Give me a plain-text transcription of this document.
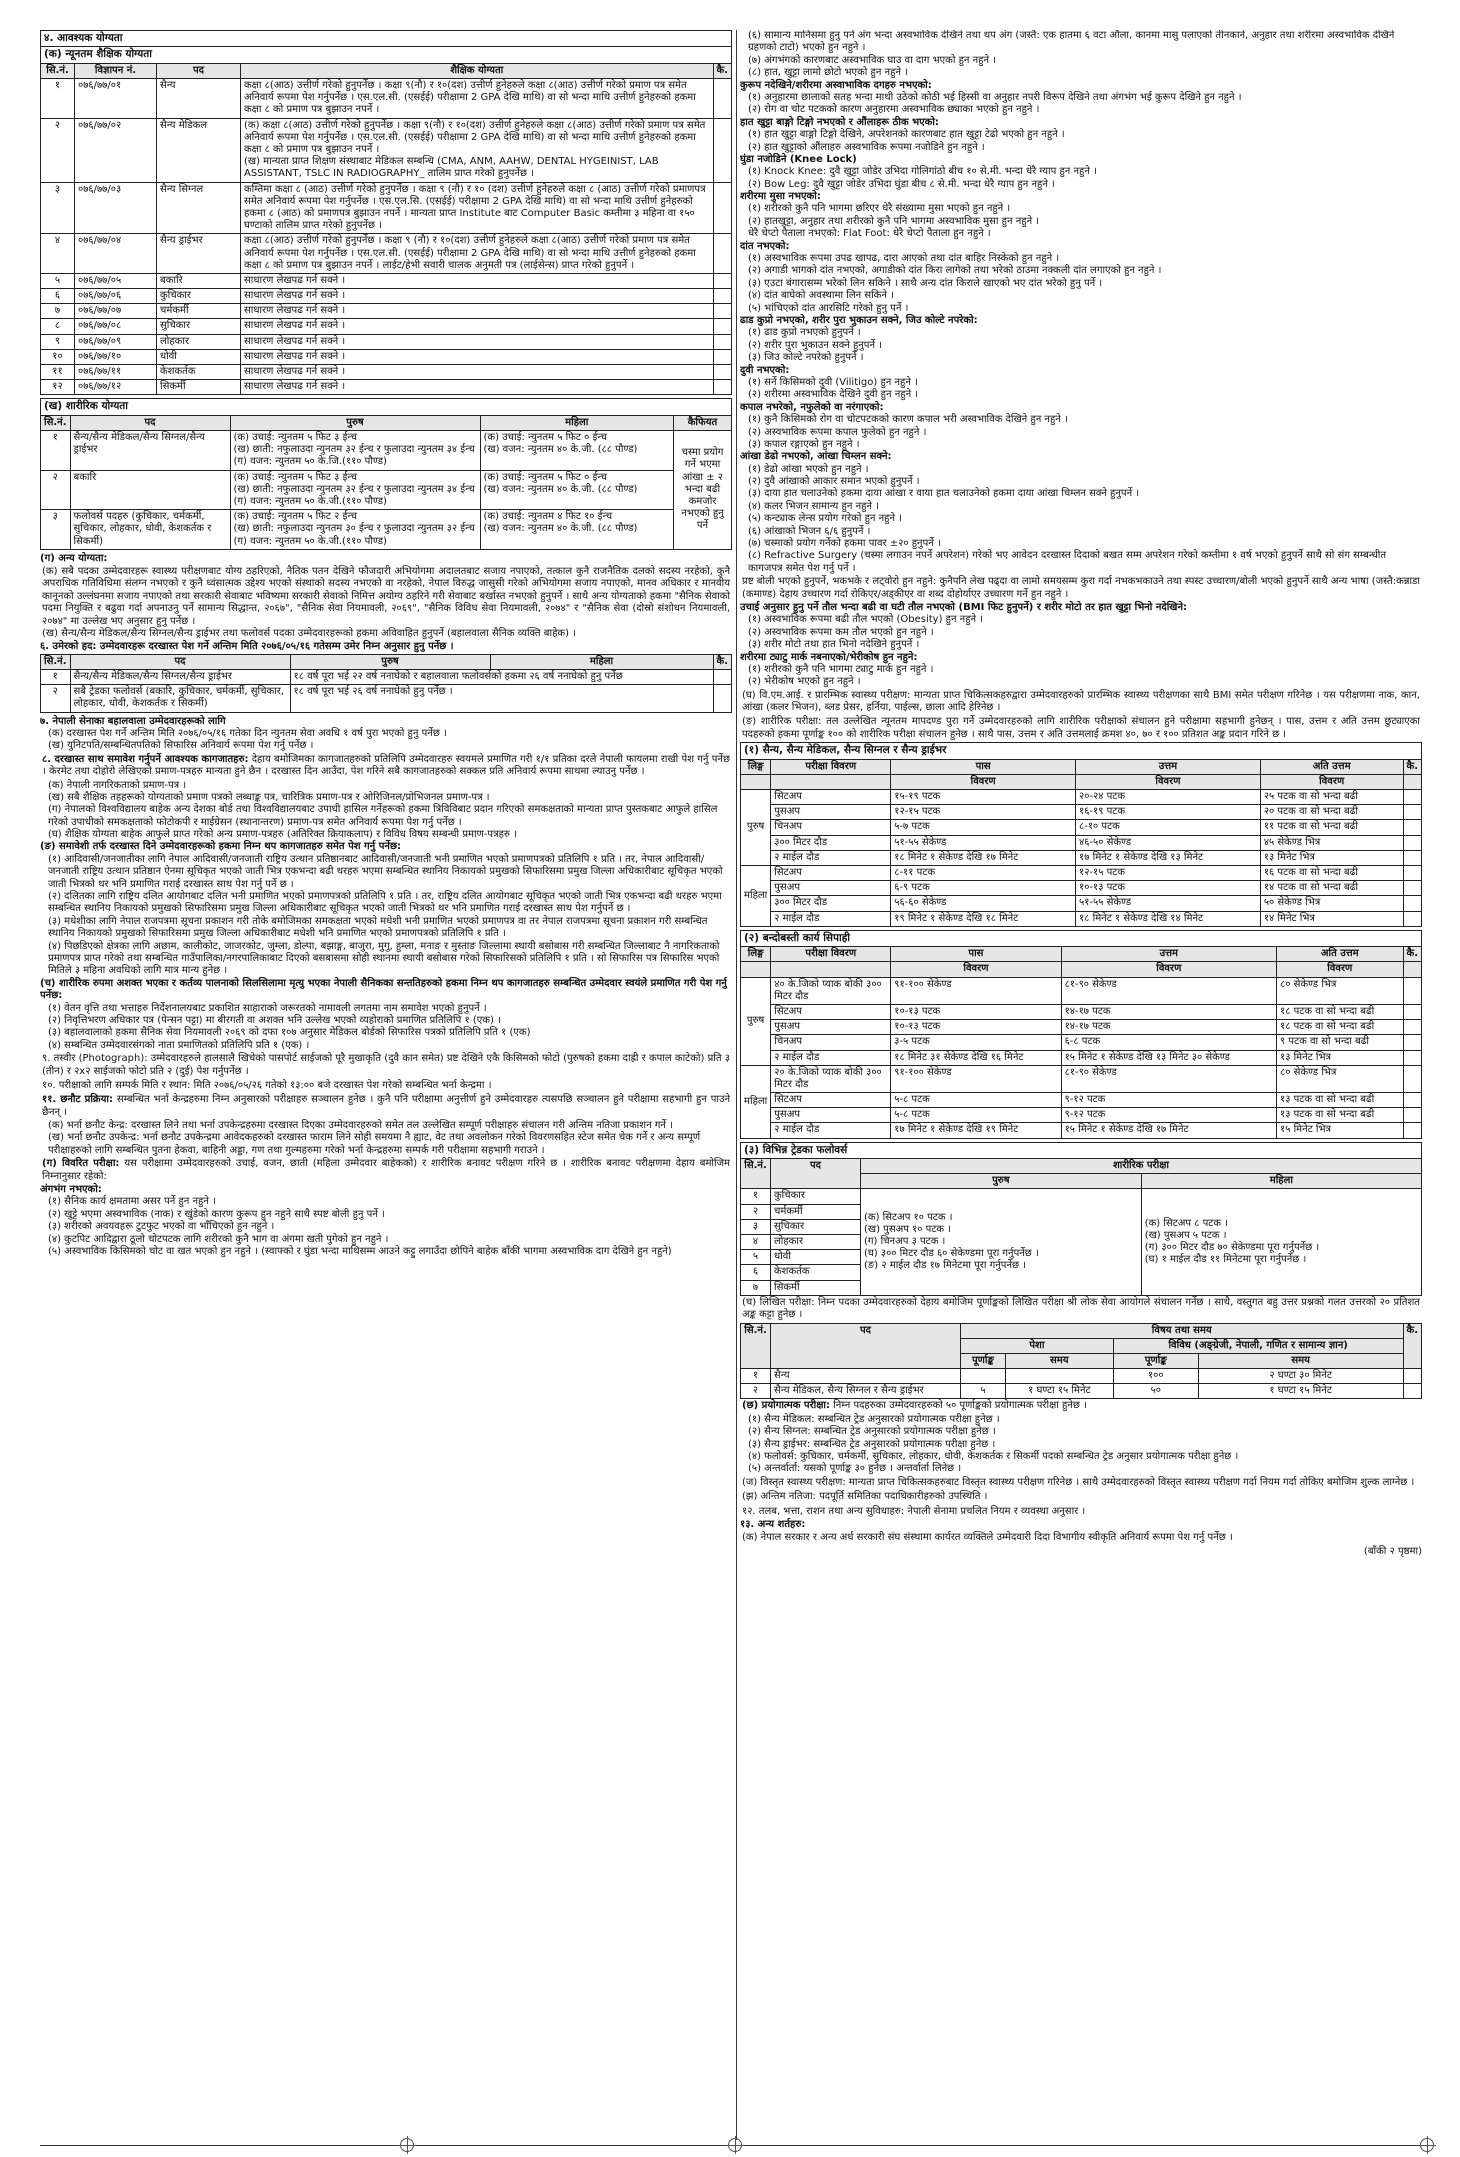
४. आवश्यक योग्यता
(क) न्यूनतम शैक्षिक योग्यता
सि.नं.	विज्ञापन नं.	पद	शैक्षिक योग्यता	कै.
१	०७६/७७/०१	सैन्य	कक्षा ८(आठ) उत्तीर्ण गरेको हुनुपर्नेछ । कक्षा ९(नौ) र १०(दश) उत्तीर्ण हुनेहरुले कक्षा ८(आठ) उत्तीर्ण गरेको प्रमाण पत्र समेत अनिवार्य रूपमा पेश गर्नुपर्नेछ । एस.एल.सी. (एसईई) परीक्षामा 2 GPA देखि माथि) वा सो भन्दा माथि उत्तीर्ण हुनेहरुको हकमा कक्षा ८ को प्रमाण पत्र बुझाउन नपर्ने ।	
२	०७६/७७/०२	सैन्य मेडिकल	(क) कक्षा ८(आठ) उत्तीर्ण गरेको हुनुपर्नेछ । कक्षा ९(नौ) र १०(दश) उत्तीर्ण हुनेहरुले कक्षा ८(आठ) उत्तीर्ण गरेको प्रमाण पत्र समेत अनिवार्य रूपमा पेश गर्नुपर्नेछ । एस.एल.सी. (एसईई) परीक्षामा 2 GPA देखि माथि) वा सो भन्दा माथि उत्तीर्ण हुनेहरुको हकमा कक्षा ८ को प्रमाण पत्र बुझाउन नपर्ने ।
(ख) मान्यता प्राप्त शिक्षण संस्थाबाट मेडिकल सम्बन्धि (CMA, ANM, AAHW, DENTAL HYGEINIST, LAB ASSISTANT, TSLC IN RADIOGRAPHY_ तालिम प्राप्त गरेको हुनुपर्नेछ ।	
३	०७६/७७/०३	सैन्य सिग्नल	कम्तिमा कक्षा ८ (आठ) उत्तीर्ण गरेको हुनुपर्नेछ । कक्षा ९ (नौ) र १० (दश) उत्तीर्ण हुनेहरुले कक्षा ८ (आठ) उत्तीर्ण गरेको प्रमाणपत्र समेत अनिवार्य रूपमा पेश गर्नुपर्नेछ । एस.एल.सि. (एसईई) परीक्षामा 2 GPA देखि माथि) वा सो भन्दा माथि उत्तीर्ण हुनेहरुको हकमा ८ (आठ) को प्रमाणपत्र बुझाउन नपर्ने । मान्यता प्राप्त Institute बाट Computer Basic कम्तीमा ३ महिना वा १५० घण्टाको तालिम प्राप्त गरेको हुनुपर्नेछ ।	
४	०७६/७७/०४	सैन्य ड्राईभर	कक्षा ८(आठ) उत्तीर्ण गरेको हुनुपर्नेछ । कक्षा ९ (नौ) र १०(दश) उत्तीर्ण हुनेहरुले कक्षा ८(आठ) उत्तीर्ण गरेको प्रमाण पत्र समेत अनिवार्य रूपमा पेश गर्नुपर्नेछ । एस.एल.सी. (एसईई) परीक्षामा 2 GPA देखि माथि) वा सो भन्दा माथि उत्तीर्ण हुनेहरुको हकमा कक्षा ८ को प्रमाण पत्र बुझाउन नपर्ने । लाईट/हेभी सवारी चालक अनुमती पत्र (लाईसेन्स) प्राप्त गरेको हुनुपर्ने ।	
५	०७६/७७/०५	बकारि	साधारण लेखपढ गर्न सक्ने ।	
६	०७६/७७/०६	कुचिकार	साधारण लेखपढ गर्न सक्ने ।	
७	०७६/७७/०७	चर्मकर्मी	साधारण लेखपढ गर्न सक्ने ।	
८	०७६/७७/०८	सुचिकार	साधारण लेखपढ गर्न सक्ने ।	
९	०७६/७७/०९	लोहकार	साधारण लेखपढ गर्न सक्ने ।	
१०	०७६/७७/१०	धोवी	साधारण लेखपढ गर्न सक्ने ।	
११	०७६/७७/११	केशकर्तक	साधारण लेखपढ गर्न सक्ने ।	
१२	०७६/७७/१२	सिकर्मी	साधारण लेखपढ गर्न सक्ने ।	
(ख) शारीरिक योग्यता
सि.नं.	पद	पुरुष	महिला	कैफियत
१	सैन्य/सैन्य मेडिकल/सैन्य सिग्नल/सैन्य ड्राईभर	(क) उचाई: न्युनतम ५ फिट ३ ईन्च
(ख) छाती: नफुलाउदा न्युनतम ३२ ईन्च र फुलाउदा न्युनतम ३४ ईन्च
(ग) वजन: न्युनतम ५० के.जि.(११० पौण्ड)	(क) उचाई: न्युनतम ५ फिट ० ईन्च
(ख) वजन: न्युनतम ४० के.जी. (८८ पौण्ड)	चस्मा प्रयोग गर्ने भएमा आंखा ± २ भन्दा बढी कमजोर नभएको हुनु पर्ने
२	बकारि	(क) उचाई: न्युनतम ५ फिट ३ ईन्च
(ख) छाती: नफुलाउदा न्युनतम ३२ ईन्च र फुलाउदा न्युनतम ३४ ईन्च
(ग) वजन: न्युनतम ५० के.जी.(११० पौण्ड)	(क) उचाई: न्युनतम ५ फिट ० ईन्च
(ख) वजन: न्युनतम ४० के.जी. (८८ पौण्ड)	
३	फलोवर्स पदहरु (कुचिकार, चर्मकर्मी, सुचिकार, लोहकार, धोवी, केशकर्तक र सिकर्मी)	(क) उचाई: न्युनतम ५ फिट २ ईन्च
(ख) छाती: नफुलाउदा न्युनतम ३० ईन्च र फुलाउदा न्युनतम ३२ ईन्च
(ग) वजन: न्युनतम ५० के.जी.(११० पौण्ड)	(क) उचाई: न्युनतम ४ फिट १० ईन्च
(ख) वजन: न्युनतम ४० के.जी. (८८ पौण्ड)	
(ग) अन्य योग्यता:
(क) सबै पदका उम्मेदवारहरू स्वास्थ्य परीक्षणबाट योग्य ठहरिएको, नैतिक पतन देखिने फौजदारी अभियोगमा अदालतबाट सजाय नपाएको, तत्काल कुनै राजनैतिक दलको सदस्य नरहेको, कुनै अपराधिक गतिविधिमा संलग्न नभएको र कुनै ध्वंसात्मक उद्देश्य भएको संस्थाको सदस्य नभएको वा नरहेको, नेपाल विरुद्ध जासुसी गरेको अभियोगमा सजाय नपाएको, मानव अधिकार र मानवीय कानूनको उल्लंघनमा सजाय नपाएको तथा सरकारी सेवाबाट भविष्यमा सरकारी सेवाको निमित्त अयोग्य ठहरिने गरी सेवाबाट बर्खास्त नभएको हुनुपर्ने । साथै अन्य योग्यताको हकमा "सैनिक सेवाको पदमा नियुक्ति र बढुवा गर्दा अपनाउनु पर्ने सामान्य सिद्धान्त, २०६७", "सैनिक सेवा नियमावली, २०६९", "सैनिक विविध सेवा नियमावली, २०७४" र "सैनिक सेवा (दोस्रो संशोधन नियमावली, २०७४" मा उल्लेख भए अनुसार हुनु पर्नेछ ।
(ख) सैन्य/सैन्य मेडिकल/सैन्य सिग्नल/सैन्य ड्राईभर तथा फलोवर्स पदका उम्मेदवारहरूको हकमा अविवाहित हुनुपर्ने (बहालवाला सैनिक व्यक्ति बाहेक) ।
६. उमेरको हद: उम्मेदवारहरू दरखास्त पेश गर्ने अन्तिम मिति २०७६/०५/१६ गतेसम्म उमेर निम्न अनुसार हुनु पर्नेछ ।
सि.नं.	पद	पुरुष	महिला	कै.
१	सैन्य/सैन्य मेडिकल/सैन्य सिग्नल/सैन्य ड्राईभर	१८ वर्ष पूरा भई २२ वर्ष ननाघेको र बहालवाला फलोवर्सको हकमा २६ वर्ष ननाघेको हुनु पर्नेछ		
२	सबै ट्रेडका फलोवर्स (बकारि, कुचिकार, चर्मकर्मी, सुचिकार, लोहकार, धोवी, केशकर्तक र सिकर्मी)	१८ वर्ष पूरा भई २६ वर्ष ननाघेको हुनु पर्नेछ ।		
७. नेपाली सेनाका बहालवाला उम्मेदवारहरूको लागि
(क) दरखास्त पेश गर्ने अन्तिम मिति २०७६/०५/१६ गतेका दिन न्युनतम सेवा अवधि १ वर्ष पुरा भएको हुनु पर्नेछ ।
(ख) युनिटपति/सम्बन्धितपतिको सिफारिस अनिवार्य रूपमा पेश गर्नु पर्नेछ ।
८. दरखास्त साथ समावेश गर्नुपर्ने आवश्यक कागजातहरु: देहाय बमोजिमका कागजातहरुको प्रतिलिपि उम्मेदवारहरु स्वयमले प्रमाणित गरी १/१ प्रतिका दरले नेपाली फायलमा राखी पेश गर्नु पर्नेछ । केरमेट तथा दोहोरो लेखिएको प्रमाण-पत्रहरु मान्यता हुने छैन । दरखास्त दिन आउँदा, पेश गरिने सबै कागजातहरुको सक्कल प्रति अनिवार्य रूपमा साथमा ल्याउनु पर्नेछ ।
(क) नेपाली नागरिकताको प्रमाण-पत्र ।
(ख) सबै शैक्षिक तहहरूको योग्यताको प्रमाण पत्रको लब्धाङ्क पत्र, चारित्रिक प्रमाण-पत्र र ओरिजिनल/प्रोभिजनल प्रमाण-पत्र ।
(ग) नेपालको विश्वविद्यालय बाहेक अन्य देशका बोर्ड तथा विश्वविद्यालयबाट उपाधी हासिल गर्नेहरूको हकमा त्रिविविबाट प्रदान गरिएको समकक्षताको मान्यता प्राप्त पुस्तकबाट आफुले हासिल गरेको उपाधीको समकक्षताको फोटोकपी र माईग्रेसन (स्थानान्तरण) प्रमाण-पत्र समेत अनिवार्य रूपमा पेश गर्नु पर्नेछ ।
(घ) शैक्षिक योग्यता बाहेक आफुले प्राप्त गरेको अन्य प्रमाण-पत्रहरु (अतिरिक्त क्रियाकलाप) र विविध विषय सम्बन्धी प्रमाण-पत्रहरु ।
(ङ) समावेशी तर्फ दरखास्त दिने उम्मेदवारहरूको हकमा निम्न थप कागजातहरु समेत पेश गर्नु पर्नेछ:
(१) आदिवासी/जनजातीका लागि नेपाल आदिवासी/जनजाती राष्ट्रिय उत्थान प्रतिष्ठानबाट आदिवासी/जनजाती भनी प्रमाणित भएको प्रमाणपत्रको प्रतिलिपि १ प्रति । तर, नेपाल आदिवासी/जनजाती राष्ट्रिय उत्थान प्रतिष्ठान ऐनमा सूचिकृत भएको जाती भित्र एकभन्दा बढी थरहरु भएमा सम्बन्धित स्थानिय निकायको प्रमुखको सिफारिसमा प्रमुख जिल्ला अधिकारीबाट सूचिकृत भएको जाती भित्रको थर भनि प्रमाणित गराई दरखास्त साथ पेश गर्नु पर्ने छ ।
(२) दलितका लागि राष्ट्रिय दलित आयोगबाट दलित भनी प्रमाणित भएको प्रमाणपत्रको प्रतिलिपि १ प्रति । तर, राष्ट्रिय दलित आयोगबाट सूचिकृत भएको जाती भित्र एकभन्दा बढी थरहरु भएमा सम्बन्धित स्थानिय निकायको प्रमुखको सिफारिसमा प्रमुख जिल्ला अधिकारीबाट सूचिकृत भएको जाती भित्रको थर भनि प्रमाणित गराई दरखास्त साथ पेश गर्नुपर्ने छ ।
(३) मधेशीका लागि नेपाल राजपत्रमा सूचना प्रकाशन गरी तोके बमोजिमका समकक्षता भएको मधेशी भनी प्रमाणित भएको प्रमाणपत्र वा तर नेपाल राजपत्रमा सूचना प्रकाशन गरी सम्बन्धित स्थानिय निकायको प्रमुखको सिफारिसमा प्रमुख जिल्ला अधिकारीबाट मधेशी भनि प्रमाणित भएको प्रमाणपत्रको प्रतिलिपि १ प्रति ।
(४) पिछडिएको क्षेत्रका लागि अछाम, कालीकोट, जाजरकोट, जुम्ला, डोल्पा, बझाङ्ग, बाजुरा, मुगु, हुम्ला, मनाङ र मुस्ताङ जिल्लामा स्थायी बसोबास गरी सम्बन्धित जिल्लाबाट नै नागरिकताको प्रमाणपत्र प्राप्त गरेको तथा सम्बन्धित गाउँपालिका/नगरपालिकाबाट दिएको बसबासमा सोही स्थानमा स्थायी बसोबास गरेको सिफारिसको प्रतिलिपि १ प्रति । सो सिफारिस पत्र सिफारिस भएको मितिले ३ महिना अवधिको लागि मात्र मान्य हुनेछ ।
(च) शारीरिक रुपमा अशक्त भएका र कर्तव्य पालनाको सिलसिलामा मृत्यु भएका नेपाली सैनिकका सन्ततिहरुको हकमा निम्न थप कागजातहरु सम्बन्धित उम्मेदवार स्वयंले प्रमाणित गरी पेश गर्नु पर्नेछ:
(१) वेतन वृत्ति तथा भत्ताहरु निर्देशनालयबाट प्रकाशित साहाराको जरूरतको नामावली लगतमा नाम समावेश भएको हुनुपर्ने ।
(२) निवृत्तिभरण अधिकार पत्र (पेन्सन पट्टा) मा बीरगती वा अशक्त भनि उल्लेख भएको व्यहोराको प्रमाणित प्रतिलिपि १ (एक) ।
(३) बहालवालाको हकमा सैनिक सेवा नियमावली २०६९ को दफा १०७ अनुसार मेडिकल बोर्डको सिफारिस पत्रको प्रतिलिपि प्रति १ (एक)
(४) सम्बन्धित उम्मेदवारसंगको नाता प्रमाणितको प्रतिलिपि प्रति १ (एक) ।
९. तस्वीर (Photograph): उम्मेदवारहरुले हालसालै खिचेको पासपोर्ट साईजको पूरै मुखाकृति (दुवै कान समेत) प्रष्ट देखिने एकै किसिमको फोटो (पुरुषको हकमा दाह्री र कपाल काटेको) प्रति ३ (तीन) र २x२ साईजको फोटो प्रति २ (दुई) पेश गर्नुपर्नेछ ।
१०. परीक्षाको लागि सम्पर्क मिति र स्थान: मिति २०७६/०५/२६ गतेको १३:०० बजे दरखास्त पेश गरेको सम्बन्धित भर्ना केन्द्रमा ।
११. छनौट प्रक्रिया: सम्बन्धित भर्ना केन्द्रहरुमा निम्न अनुसारको परीक्षाहरु सञ्चालन हुनेछ । कुनै पनि परीक्षामा अनुत्तीर्ण हुने उम्मेदवारहरु त्यसपछि सञ्चालन हुने परीक्षामा सहभागी हुन पाउने छैनन् ।
(क) भर्ना छनौट केन्द्र: दरखास्त लिने तथा भर्ना उपकेन्द्रहरुमा दरखास्त दिएका उम्मेदवारहरुको समेत तल उल्लेखित सम्पूर्ण परीक्षाहरु संचालन गरी अन्तिम नतिजा प्रकाशन गर्ने ।
(ख) भर्ना छनौट उपकेन्द्र: भर्ना छनौट उपकेन्द्रमा आवेदकहरुको दरखास्त फाराम लिने सोही समयमा नै ह्याट, वेट तथा अवलोकन गरेको विवरणसहित स्टेज समेत चेक गर्ने र अन्य सम्पूर्ण परीक्षाहरुको लागि सम्बन्धित पुतना हेकवा, बाहिनी अड्डा, गण तथा गुल्महरुमा गरेको भर्ना केन्द्रहरुमा सम्पर्क गरी परीक्षामा सहभागी गराउने ।
(ग) विवरित परीक्षा: यस परीक्षामा उम्मेदवारहरुको उचाई, वजन, छाती (महिला उम्मेदवार बाहेकको) र शारीरिक बनावट परीक्षण गरिने छ । शारीरिक बनावट परीक्षणमा देहाय बमोजिम निम्नानुसार रहेको:
अंगभंग नभएको:
(१) सैनिक कार्य क्षमतामा असर पर्ने हुन नहुने ।
(२) खुट्टे भएमा अस्वभाविक (नाक) र खुंडेको कारण कुरूप हुन नहुने साथै स्पष्ट बोली हुनु पर्ने ।
(३) शरीरको अवयवहरू टुटफुट भएको वा भाँचिएको हुन नहुने ।
(४) कुटपिट आदिद्वारा ठूलो चोटपटक लागि शरीरको कुनै भाग वा अंगमा खती पुगेको हुन नहुने ।
(५) अस्वभाविक किसिमको चोट वा खत भएको हुन नहुने । (स्वाफ्को र घुंडा भन्दा माथिसम्म आउने कट्टु लगाउँदा छोपिने बाहेक बाँकी भागमा अस्वभाविक दाग देखिने हुन नहुने)
(६) सामान्य मानिसमा हुनु पर्ने अंग भन्दा अस्वभाविक देखिने तथा थप अंग (जस्तै: एक हातमा ६ वटा औंला, कानमा मासु पलाएको तीनकाने, अनुहार तथा शरीरमा अस्वभाविक देखिने ग्रहणको टाटो) भएको हुन नहुने ।
(७) अंगभंगको कारणबाट अस्वभाविक घाउ वा दाग भएको हुन नहुने ।
(८) हात, खुट्टा लामो छोटो भएको हुन नहुने ।
कुरूप नदेखिने/शरीरमा अस्वाभाविक दगहरु नभएको:
(१) अनुहारमा छालाको सतह भन्दा माथी उठेको कोठी भई हिस्सी वा अनुहार नपरी विरूप देखिने तथा अंगभंग भई कुरूप देखिने हुन नहुने ।
(२) रोग वा चोट पटकको कारण अनुहारमा अस्वभाविक छ्याका भएको हुन नहुने ।
हात खुट्टा बाङ्गो टिङ्गो नभएको र औंलाहरू ठीक भएको:
(१) हात खुट्टा बाङ्गो टिङ्गो देखिने, अपरेशनको कारणबाट हात खुट्टा टेढो भएको हुन नहुने ।
(२) हात खुट्टाको औंलाहरु अस्वभाविक रूपमा नजोडिने हुन नहुने ।
घुंडा नजोडिने (Knee Lock)
(१) Knock Knee: दुवै खुट्टा जोडेर उभिदा गोलिगांठो बीच १० से.मी. भन्दा धेरै ग्याप हुन नहुने ।
(२) Bow Leg: दुवै खुट्टा जोडेर उभिदा घुंडा बीच ८ से.मी. भन्दा धेरै ग्याप हुन नहुने ।
शरीरमा मुसा नभएको:
(१) शरीरको कुनै पनि भागमा छरिएर धेरै संख्यामा मुसा भएको हुन नहुने ।
(२) हातखुट्टा, अनुहार तथा शरीरको कुनै पनि भागमा अस्वभाविक मुसा हुन नहुने ।
धेरै चेप्टो पैताला नभएको: Flat Foot: धेरै चेप्टो पैताला हुन नहुने ।
दांत नभएको:
(१) अस्वभाविक रूपमा उपढ खापढ, दारा आएको तथा दांत बाहिर निस्केको हुन नहुने ।
(२) अगाडी भागको दांत नभएको, अगाडीको दांत किरा लागेको तथा भरेको ठाउमा नक्कली दांत लगाएको हुन नहुने ।
(३) एउटा बंगारासम्म भरेको लिन सकिने । साथै अन्य दांत किराले खाएको भए दांत भरेको हुनु पर्ने ।
(४) दांत बाघेको अवस्थामा लिन सकिने ।
(५) भांचिएको दांत आरसिटि गरेको हुनु पर्ने ।
ढाड कुप्रो नभएको, शरीर पुरा भुकाउन सक्ने, जिउ कोल्टे नपरेको:
(१) ढाड कुप्रो नभएको हुनुपर्ने ।
(२) शरीर पुरा भुकाउन सक्ने हुनुपर्ने ।
(३) जिउ कोल्टे नपरेको हुनुपर्ने ।
दुवी नभएको:
(१) सर्ने किसिमको दुवी (Vilitigo) हुन नहुने ।
(२) शरीरमा अस्वभाविक देखिने दुवी हुन नहुने ।
कपाल नभरेको, नफुलेको वा नरंगाएको:
(१) कुनै किसिमको रोग वा चोटपटकको कारण कपाल भरी अस्वभाविक देखिने हुन नहुने ।
(२) अस्वभाविक रूपमा कपाल फुलेको हुन नहुने ।
(३) कपाल रङ्गाएको हुन नहुने ।
आंखा डेढो नभएको, आंखा चिम्लन सक्ने:
(१) डेढो आंखा भएको हुन नहुने ।
(२) दुवै आंखाको आकार समान भएको हुनुपर्ने ।
(३) दाया हात चलाउनेको हकमा दाया आंखा र वाया हात चलाउनेको हकमा दाया आंखा चिम्लन सक्ने हुनुपर्ने ।
(४) कलर भिजन सामान्य हुन नहुने ।
(५) कन्ट्याक लेन्स प्रयोग गरेको हुन नहुने ।
(६) आंखाको भिजन ६/६ हुनुपर्ने ।
(७) चस्माको प्रयोग गर्नेको हकमा पावर ±२० हुनुपर्ने ।
(८) Refractive Surgery (चस्मा लगाउन नपर्ने अपरेशन) गरेको भए आवेदन दरखास्त दिदाको बखत सम्म अपरेशन गरेको कम्तीमा १ वर्ष भएको हुनुपर्ने साथै सो संग सम्बन्धीत कागजपत्र समेत पेश गर्नु पर्ने ।
प्रष्ट बोली भएको हुनुपर्ने, भकभके र लट्वोरो हुन नहुने: कुनैपनि लेख पढ्दा वा लामो समयसम्म कुरा गर्दा नभकभकाउने तथा स्पस्ट उच्चारण/बोली भएको हुनुपर्ने साथै अन्य भाषा (जस्तै:कन्नाडा (कमाण्ड) देहाय उच्चारण गर्दा रोकिएर/अड्कीएर वा शब्द दोहोर्याएर उच्चारण गर्ने हुन नहुने ।
उचाई अनुसार हुनु पर्ने तौल भन्दा बढी वा घटी तौल नभएको (BMI फिट हुनुपर्ने) र शरीर मोटो तर हात खुट्टा भिनो नदेखिने:
(१) अस्वभाविक रूपमा बढी तौल भएको (Obesity) हुन नहुने ।
(२) अस्वभाविक रूपमा कम तौल भएको हुन नहुने ।
(३) शरीर मोटो तथा हात भिनो नदेखिने हुनुपर्ने ।
शरीरमा ट्याटु मार्क नबनाएको/भेरीकोष हुन नहुने:
(१) शरीरको कुनै पनि भागमा ट्याटु मार्क हुन नहुने ।
(२) भेरीकोष भएको हुन नहुने ।
(घ) वि.एम.आई. र प्रारम्भिक स्वास्थ्य परीक्षण: मान्यता प्राप्त चिकित्सकहरुद्वारा उम्मेदवारहरुको प्रारम्भिक स्वास्थ्य परीक्षणका साथै BMI समेत परीक्षण गरिनेछ । यस परीक्षणमा नाक, कान, आंखा (कलर भिजन), ब्लड प्रेसर, हर्निया, पाईल्स, छाला आदि हेरिनेछ ।
(ङ) शारीरिक परीक्षा: तल उल्लेखित न्यूनतम मापदण्ड पुरा गर्ने उम्मेदवारहरुको लागि शारीरिक परीक्षाको संचालन हुने परीक्षामा सहभागी हुनेछन् । पास, उत्तम र अति उत्तम छुट्याएका पदहरुको हकमा पूर्णाङ्क १०० को शारीरिक परीक्षा संचालन हुनेछ । साथै पास, उत्तम र अति उत्तमलाई क्रमश ४०, ७० र १०० प्रतिशत अङ्क प्रदान गरिने छ ।
(१) सैन्य, सैन्य मेडिकल, सैन्य सिग्नल र सैन्य ड्राईभर
लिङ्ग	परीक्षा विवरण	पास	उत्तम	अति उत्तम	कै.
		विवरण	विवरण	विवरण	
पुरुष	सिटअप	१५-१९ पटक	२०-२४ पटक	२५ पटक वा सो भन्दा बढी	
	पुसअप	१२-१५ पटक	१६-१९ पटक	२० पटक वा सो भन्दा बढी	
	चिनअप	५-७ पटक	८-१० पटक	११ पटक वा सो भन्दा बढी	
	३०० मिटर दौड	५१-५५ सेकेण्ड	४६-५० सेकेण्ड	४५ सेकेण्ड भित्र	
	२ माईल दौड	१८ मिनेट १ सेकेण्ड देखि १७ मिनेट	१७ मिनेट १ सेकेण्ड देखि १३ मिनेट	१३ मिनेट भित्र	
महिला	सिटअप	८-११ पटक	१२-१५ पटक	१६ पटक वा सो भन्दा बढी	
	पुसअप	६-९ पटक	१०-१३ पटक	१४ पटक वा सो भन्दा बढी	
	३०० मिटर दौड	५६-६० सेकेण्ड	५१-५५ सेकेण्ड	५० सेकेण्ड भित्र	
	२ माईल दौड	१९ मिनेट १ सेकेण्ड देखि १८ मिनेट	१८ मिनेट १ सेकेण्ड देखि १४ मिनेट	१४ मिनेट भित्र	
(२) बन्दोबस्ती कार्य सिपाही
लिङ्ग	परीक्षा विवरण	पास	उत्तम	अति उत्तम	कै.
		विवरण	विवरण	विवरण	
पुरुष	४० के.जिको प्याक बोकी ३०० मिटर दौड	९१-१०० सेकेण्ड	८१-९० सेकेण्ड	८० सेकेण्ड भित्र	
	सिटअप	१०-१३ पटक	१४-१७ पटक	१८ पटक वा सो भन्दा बढी	
	पुसअप	१०-१३ पटक	१४-१७ पटक	१८ पटक वा सो भन्दा बढी	
	चिनअप	३-५ पटक	६-८ पटक	९ पटक वा सो भन्दा बढी	
	२ माईल दौड	१८ मिनेट ३१ सेकेण्ड देखि १६ मिनेट	१५ मिनेट १ सेकेण्ड देखि १३ मिनेट ३० सेकेण्ड	१३ मिनेट भित्र	
महिला	२० के.जिको प्याक बोकी ३०० मिटर दौड	९१-१०० सेकेण्ड	८१-९० सेकेण्ड	८० सेकेण्ड भित्र	
	सिटअप	५-८ पटक	९-१२ पटक	१३ पटक वा सो भन्दा बढी	
	पुसअप	५-८ पटक	९-१२ पटक	१३ पटक वा सो भन्दा बढी	
	२ माईल दौड	१७ मिनेट १ सेकेण्ड देखि १९ मिनेट	१५ मिनेट १ सेकेण्ड देखि १७ मिनेट	१५ मिनेट भित्र	
(३) विभिन्न ट्रेडका फलोवर्स
सि.नं.	पद	शारीरिक परीक्षा	
		पुरुष	महिला
१	कुचिकार	(क) सिटअप १० पटक ।
(ख) पुसअप १० पटक ।
(ग) चिनअप ३ पटक ।
(घ) ३०० मिटर दौड ६० सेकेण्डमा पूरा गर्नुपर्नेछ ।
(ङ) २ माईल दौड १७ मिनेटमा पूरा गर्नुपर्नेछ ।	(क) सिटअप ८ पटक ।
(ख) पुसअप ५ पटक ।
(ग) ३०० मिटर दौड ७० सेकेण्डमा पूरा गर्नुपर्नेछ ।
(घ) १ माईल दौड ११ मिनेटमा पूरा गर्नुपर्नेछ ।
२	चर्मकर्मी		
३	सुचिकार		
४	लोहकार		
५	धोवी		
६	केशकर्तक		
७	सिकर्मी		
(च) लिखित परीक्षा: निम्न पदका उम्मेदवारहरुको देहाय बमोजिम पूर्णाङ्कको लिखित परीक्षा श्री लोक सेवा आयोगले संचालन गर्नेछ । साथै, वस्तुगत बहु उत्तर प्रश्नको गलत उत्तरको २० प्रतिशत अङ्क कट्टा हुनेछ ।
सि.नं.	पद	विषय तथा समय				कै.
		पेशा		विविध (अङ्ग्रेजी, नेपाली, गणित र सामान्य ज्ञान)		
		पूर्णाङ्क	समय	पूर्णाङ्क	समय	
१	सैन्य			१००	२ घण्टा ३० मिनेट	
२	सैन्य मेडिकल, सैन्य सिग्नल र सैन्य ड्राईभर	५	१ घण्टा १५ मिनेट	५०	१ घण्टा १५ मिनेट	
(छ) प्रयोगात्मक परीक्षा: निम्न पदहरुका उम्मेदवारहरुको ५० पूर्णाङ्कको प्रयोगात्मक परीक्षा हुनेछ ।
(१) सैन्य मेडिकल: सम्बन्धित ट्रेड अनुसारको प्रयोगात्मक परीक्षा हुनेछ ।
(२) सैन्य सिग्नल: सम्बन्धित ट्रेड अनुसारको प्रयोगात्मक परीक्षा हुनेछ ।
(३) सैन्य ड्राईभर: सम्बन्धित ट्रेड अनुसारको प्रयोगात्मक परीक्षा हुनेछ ।
(४) फलोवर्स: कुचिकार, चर्मकर्मी, सुचिकार, लोहकार, धोवी, केशकर्तक र सिकर्मी पदको सम्बन्धित ट्रेड अनुसार प्रयोगात्मक परीक्षा हुनेछ ।
(५) अन्तर्वार्ता: यसको पूर्णाङ्क ३० हुनेछ । अन्तर्वार्ता लिनेछ ।
(ज) विस्तृत स्वास्थ्य परीक्षण: मान्यता प्राप्त चिकित्सकहरुबाट विस्तृत स्वास्थ्य परीक्षण गरिनेछ । साथै उम्मेदवारहरुको विस्तृत स्वास्थ्य परीक्षण गर्दा नियम गर्दा तोकिए बमोजिम शुल्क लाग्नेछ ।
(झ) अन्तिम नतिजा: पदपूर्ति समितिका पदाधिकारीहरुको उपस्थिति ।
१२. तलब, भत्ता, राशन तथा अन्य सुविधाहरु: नेपाली सेनामा प्रचलित नियम र व्यवस्था अनुसार ।
१३. अन्य शर्तहरु:
(क) नेपाल सरकार र अन्य अर्ध सरकारी संघ संस्थामा कार्यरत व्यक्तिले उम्मेदवारी दिदा विभागीय स्वीकृति अनिवार्य रूपमा पेश गर्नु पर्नेछ ।
(बाँकी २ पृष्ठमा)
